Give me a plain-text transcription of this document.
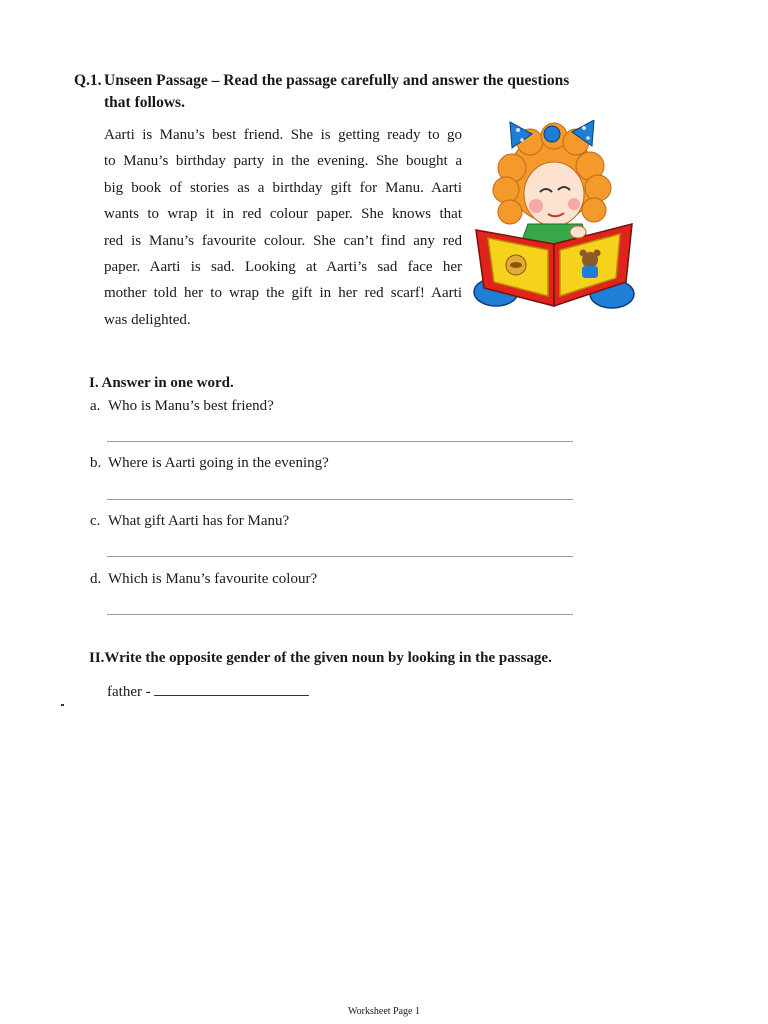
Q.1. Unseen Passage – Read the passage carefully and answer the questions
that follows.
Aarti is Manu’s best friend. She is getting ready to go
to Manu’s birthday party in the evening. She bought a
big book of stories as a birthday gift for Manu. Aarti
wants to wrap it in red colour paper. She knows that
red is Manu’s favourite colour. She can’t find any red
paper. Aarti is sad. Looking at Aarti’s sad face her
mother told her to wrap the gift in her red scarf! Aarti
was delighted.
I. Answer in one word.
a. Who is Manu’s best friend?
b. Where is Aarti going in the evening?
c. What gift Aarti has for Manu?
d. Which is Manu’s favourite colour?
II.Write the opposite gender of the given noun by looking in the passage.
father -
Worksheet Page 1
